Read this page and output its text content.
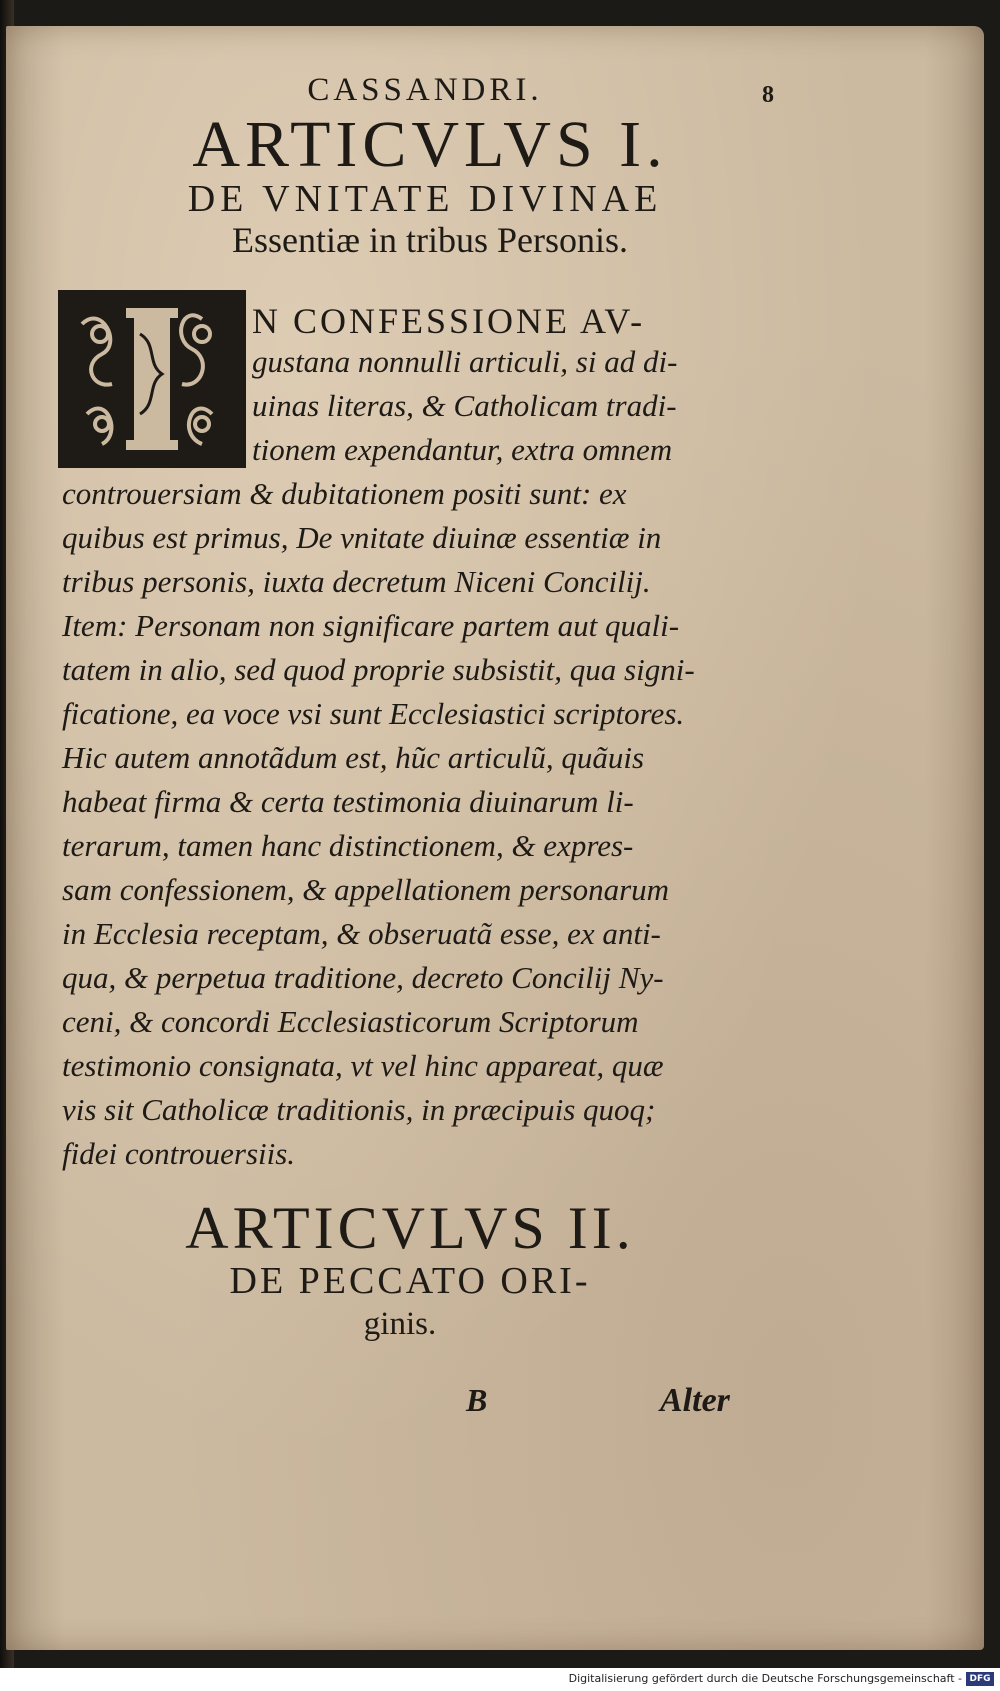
CASSANDRI.	8
ARTICVLVS I.
DE VNITATE DIVINAE
Essentiæ in tribus Personis.
N CONFESSIONE AV-
gustana nonnulli articuli, si ad di-
uinas literas, & Catholicam tradi-
tionem expendantur, extra omnem
controuersiam & dubitationem positi sunt: ex
quibus est primus, De vnitate diuinæ essentiæ in
tribus personis, iuxta decretum Niceni Concilij.
Item: Personam non significare partem aut quali-
tatem in alio, sed quod proprie subsistit, qua signi-
ficatione, ea voce vsi sunt Ecclesiastici scriptores.
Hic autem annotãdum est, hũc articulũ, quãuis
habeat firma & certa testimonia diuinarum li-
terarum, tamen hanc distinctionem, & expres-
sam confessionem, & appellationem personarum
in Ecclesia receptam, & obseruatã esse, ex anti-
qua, & perpetua traditione, decreto Concilij Ny-
ceni, & concordi Ecclesiasticorum Scriptorum
testimonio consignata, vt vel hinc appareat, quæ
vis sit Catholicæ traditionis, in præcipuis quoq;
fidei controuersiis.
ARTICVLVS II.
DE PECCATO ORI-
ginis.
B	Alter
Digitalisierung gefördert durch die Deutsche Forschungsgemeinschaft - DFG
